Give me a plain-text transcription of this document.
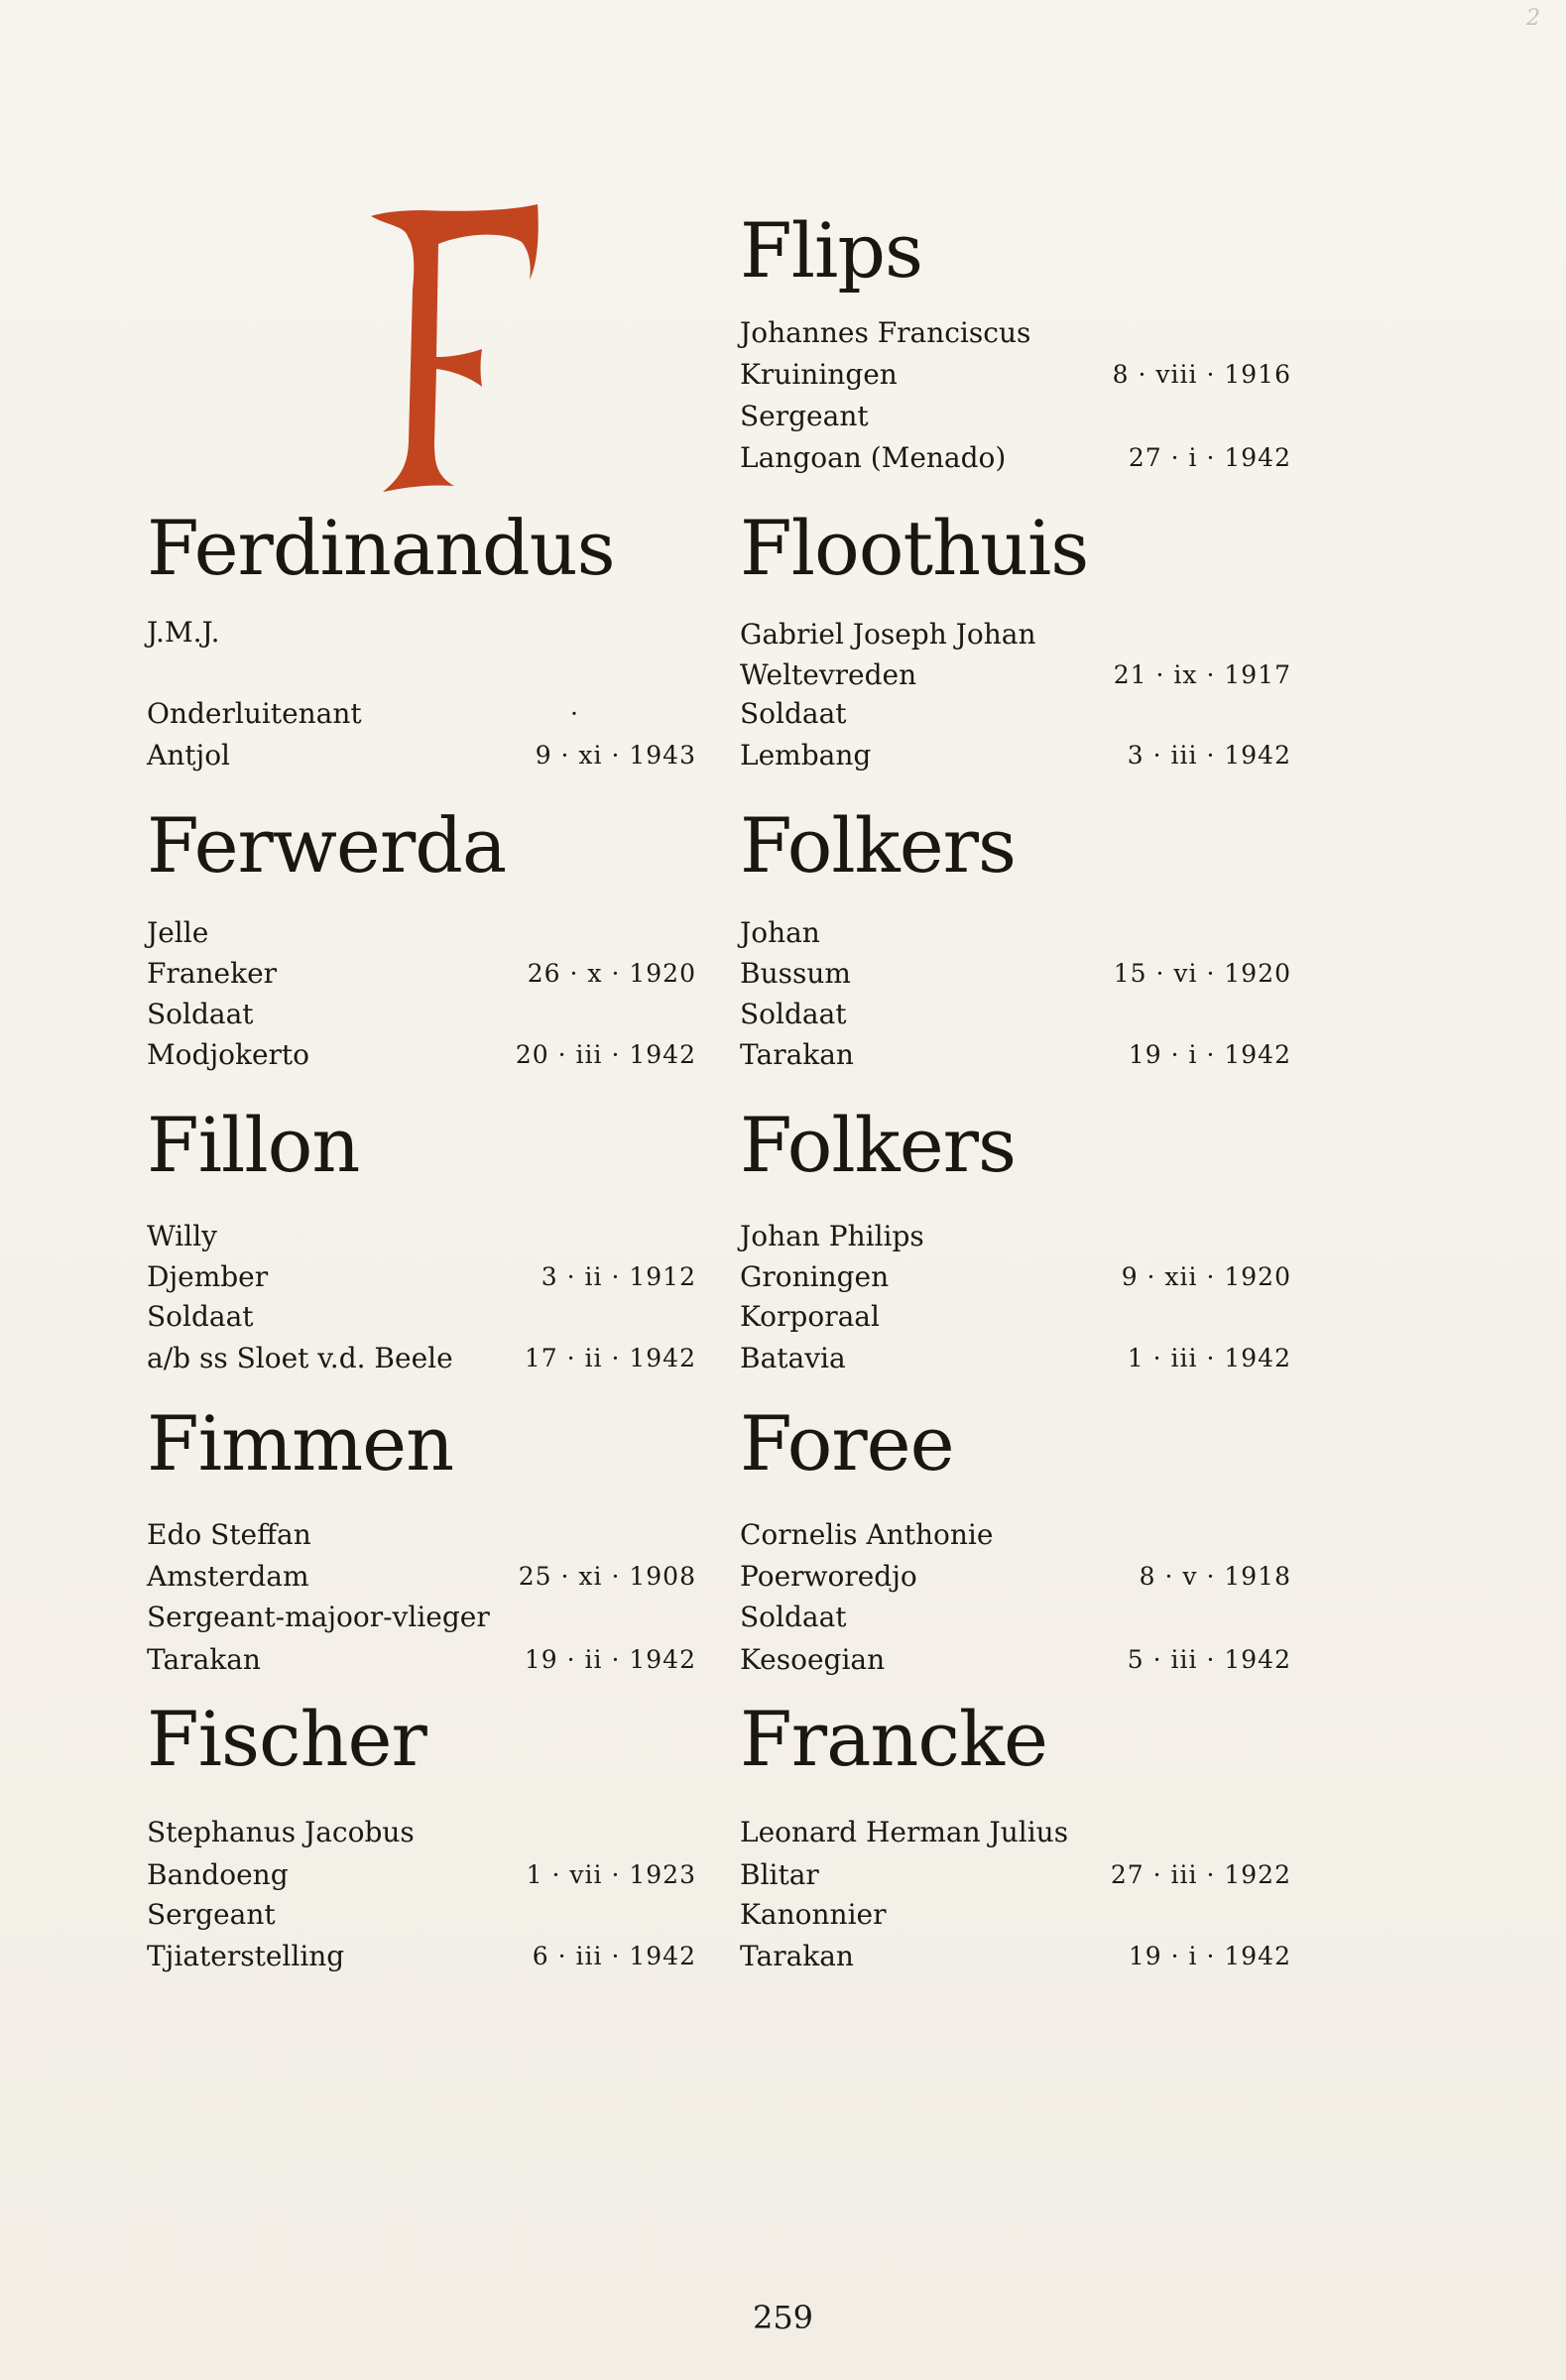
2
Ferdinandus
J.M.J.
Onderluitenant	·
Antjol	9 · xi · 1943
Ferwerda
Jelle
Franeker	26 · x · 1920
Soldaat
Modjokerto	20 · iii · 1942
Fillon
Willy
Djember	3 · ii · 1912
Soldaat
a/b ss Sloet v.d. Beele	17 · ii · 1942
Fimmen
Edo Steffan
Amsterdam	25 · xi · 1908
Sergeant-majoor-vlieger
Tarakan	19 · ii · 1942
Fischer
Stephanus Jacobus
Bandoeng	1 · vii · 1923
Sergeant
Tjiaterstelling	6 · iii · 1942
Flips
Johannes Franciscus
Kruiningen	8 · viii · 1916
Sergeant
Langoan (Menado)	27 · i · 1942
Floothuis
Gabriel Joseph Johan
Weltevreden	21 · ix · 1917
Soldaat
Lembang	3 · iii · 1942
Folkers
Johan
Bussum	15 · vi · 1920
Soldaat
Tarakan	19 · i · 1942
Folkers
Johan Philips
Groningen	9 · xii · 1920
Korporaal
Batavia	1 · iii · 1942
Foree
Cornelis Anthonie
Poerworedjo	8 · v · 1918
Soldaat
Kesoegian	5 · iii · 1942
Francke
Leonard Herman Julius
Blitar	27 · iii · 1922
Kanonnier
Tarakan	19 · i · 1942
259
